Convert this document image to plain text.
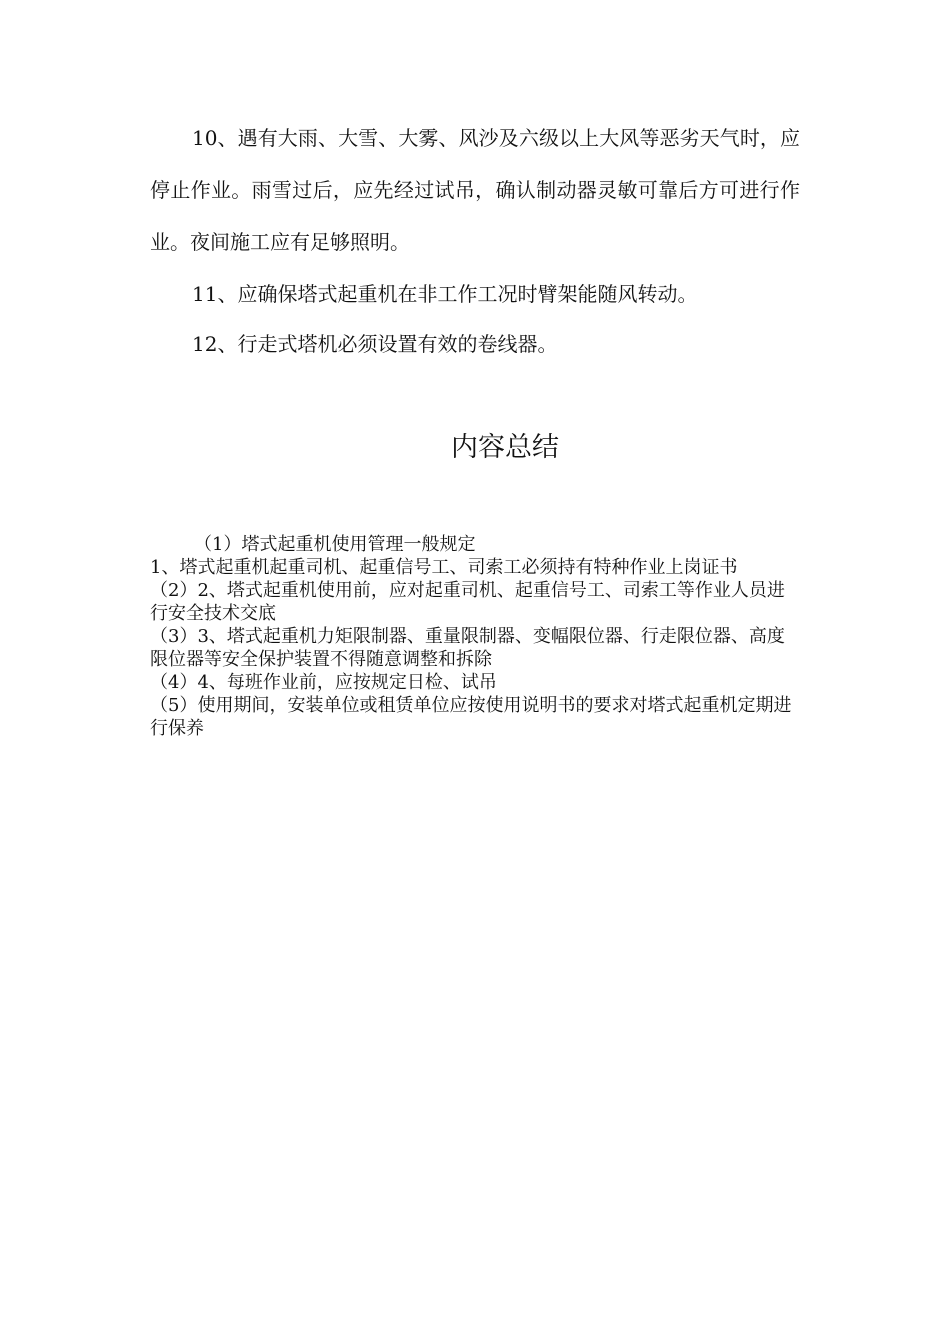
10、遇有大雨、大雪、大雾、风沙及六级以上大风等恶劣天气时，应停止作业。雨雪过后，应先经过试吊，确认制动器灵敏可靠后方可进行作业。夜间施工应有足够照明。

11、应确保塔式起重机在非工作工况时臂架能随风转动。

12、行走式塔机必须设置有效的卷线器。

内容总结
（1）塔式起重机使用管理一般规定
1、塔式起重机起重司机、起重信号工、司索工必须持有特种作业上岗证书
（2）2、塔式起重机使用前，应对起重司机、起重信号工、司索工等作业人员进行安全技术交底
（3）3、塔式起重机力矩限制器、重量限制器、变幅限位器、行走限位器、高度限位器等安全保护装置不得随意调整和拆除
（4）4、每班作业前，应按规定日检、试吊
（5）使用期间，安装单位或租赁单位应按使用说明书的要求对塔式起重机定期进行保养
